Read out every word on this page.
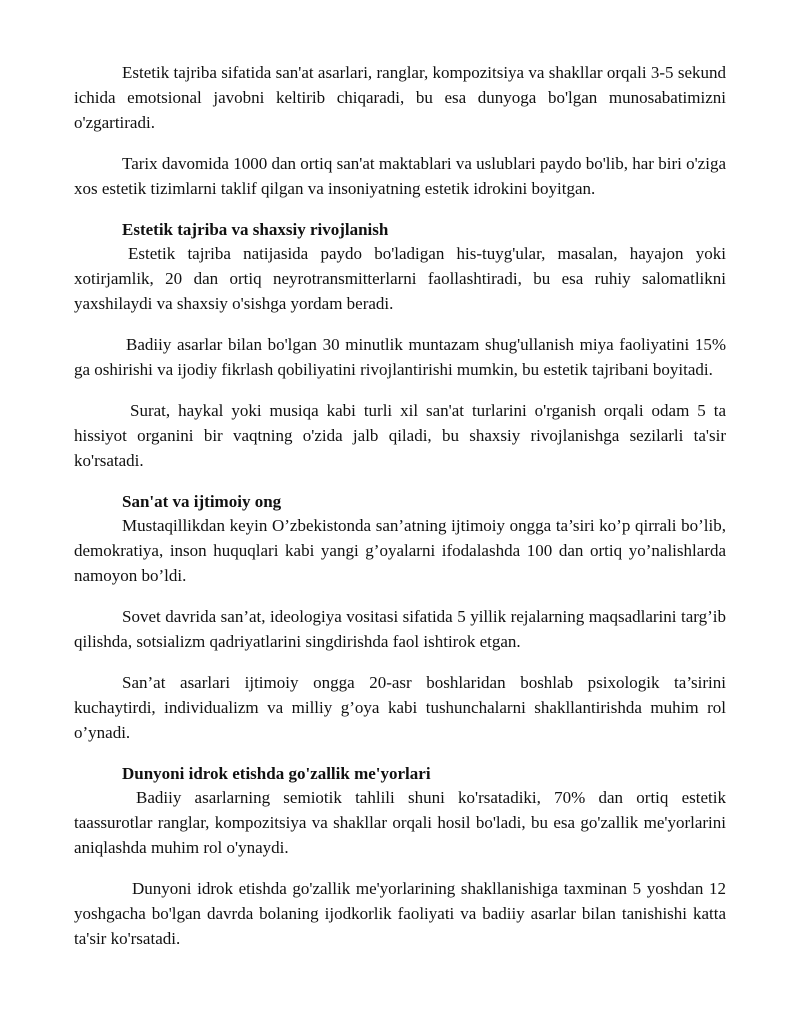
Estetik tajriba sifatida san'at asarlari, ranglar, kompozitsiya va shakllar orqali 3-5 sekund ichida emotsional javobni keltirib chiqaradi, bu esa dunyoga bo'lgan munosabatimizni o'zgartiradi.

Tarix davomida 1000 dan ortiq san'at maktablari va uslublari paydo bo'lib, har biri o'ziga xos estetik tizimlarni taklif qilgan va insoniyatning estetik idrokini boyitgan.

Estetik tajriba va shaxsiy rivojlanish

Estetik tajriba natijasida paydo bo'ladigan his-tuyg'ular, masalan, hayajon yoki xotirjamlik, 20 dan ortiq neyrotransmitterlarni faollashtiradi, bu esa ruhiy salomatlikni yaxshilaydi va shaxsiy o'sishga yordam beradi.

Badiiy asarlar bilan bo'lgan 30 minutlik muntazam shug'ullanish miya faoliyatini 15% ga oshirishi va ijodiy fikrlash qobiliyatini rivojlantirishi mumkin, bu estetik tajribani boyitadi.

Surat, haykal yoki musiqa kabi turli xil san'at turlarini o'rganish orqali odam 5 ta hissiyot organini bir vaqtning o'zida jalb qiladi, bu shaxsiy rivojlanishga sezilarli ta'sir ko'rsatadi.

San'at va ijtimoiy ong

Mustaqillikdan keyin O’zbekistonda san’atning ijtimoiy ongga ta’siri ko’p qirrali bo’lib, demokratiya, inson huquqlari kabi yangi g’oyalarni ifodalashda 100 dan ortiq yo’nalishlarda namoyon bo’ldi.

Sovet davrida san’at, ideologiya vositasi sifatida 5 yillik rejalarning maqsadlarini targ’ib qilishda, sotsializm qadriyatlarini singdirishda faol ishtirok etgan.

San’at asarlari ijtimoiy ongga 20-asr boshlaridan boshlab psixologik ta’sirini kuchaytirdi, individualizm va milliy g’oya kabi tushunchalarni shakllantirishda muhim rol o’ynadi.

Dunyoni idrok etishda go'zallik me'yorlari

Badiiy asarlarning semiotik tahlili shuni ko'rsatadiki, 70% dan ortiq estetik taassurotlar ranglar, kompozitsiya va shakllar orqali hosil bo'ladi, bu esa go'zallik me'yorlarini aniqlashda muhim rol o'ynaydi.

Dunyoni idrok etishda go'zallik me'yorlarining shakllanishiga taxminan 5 yoshdan 12 yoshgacha bo'lgan davrda bolaning ijodkorlik faoliyati va badiiy asarlar bilan tanishishi katta ta'sir ko'rsatadi.
